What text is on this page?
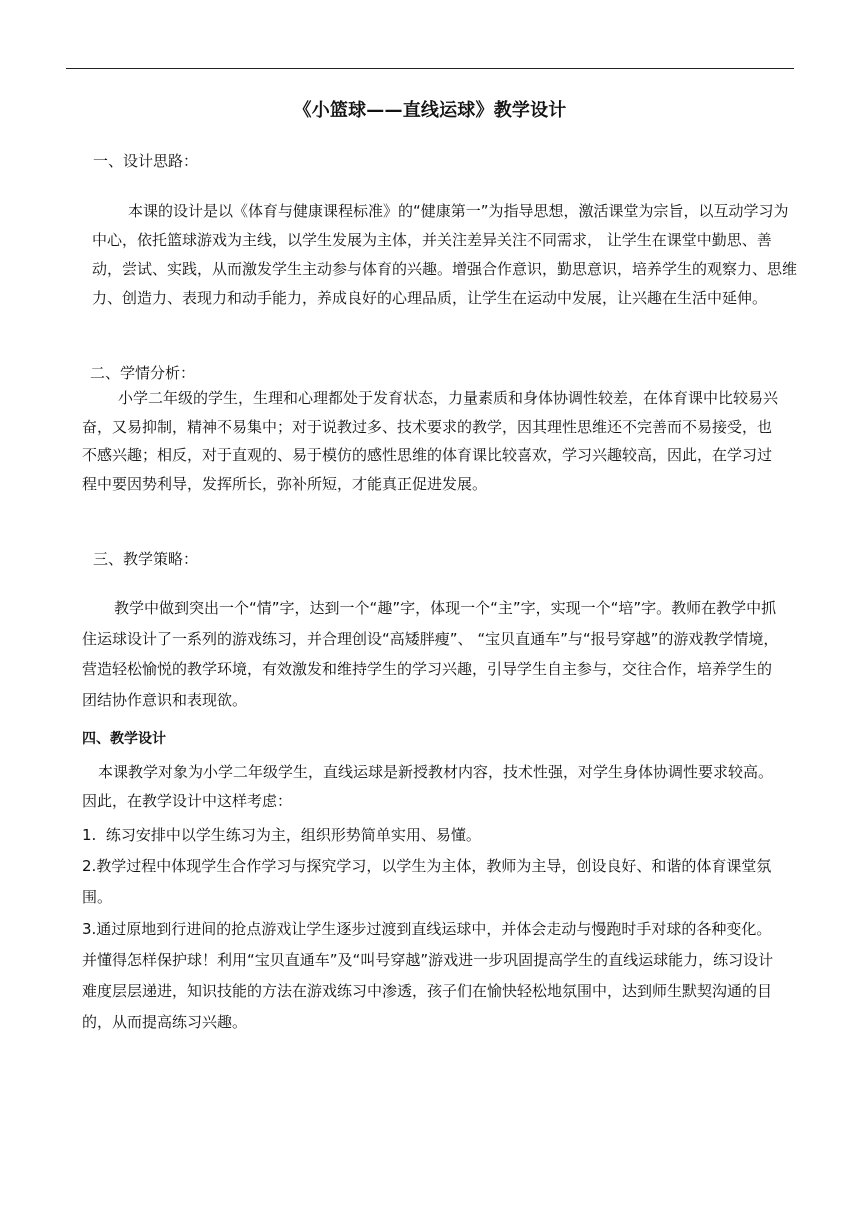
《小篮球——直线运球》教学设计
一、设计思路：
本课的设计是以《体育与健康课程标准》的“健康第一”为指导思想，激活课堂为宗旨，以互动学习为中心，依托篮球游戏为主线，以学生发展为主体，并关注差异关注不同需求， 让学生在课堂中勤思、善动，尝试、实践，从而激发学生主动参与体育的兴趣。增强合作意识，勤思意识，培养学生的观察力、思维力、创造力、表现力和动手能力，养成良好的心理品质，让学生在运动中发展，让兴趣在生活中延伸。
二、学情分析：
小学二年级的学生，生理和心理都处于发育状态，力量素质和身体协调性较差，在体育课中比较易兴奋，又易抑制，精神不易集中；对于说教过多、技术要求的教学，因其理性思维还不完善而不易接受，也不感兴趣；相反，对于直观的、易于模仿的感性思维的体育课比较喜欢，学习兴趣较高，因此，在学习过程中要因势利导，发挥所长，弥补所短，才能真正促进发展。
三、教学策略：
教学中做到突出一个“情”字，达到一个“趣”字，体现一个“主”字，实现一个“培”字。教师在教学中抓住运球设计了一系列的游戏练习，并合理创设“高矮胖瘦”、 “宝贝直通车”与“报号穿越”的游戏教学情境，营造轻松愉悦的教学环境，有效激发和维持学生的学习兴趣，引导学生自主参与，交往合作，培养学生的团结协作意识和表现欲。
四、教学设计
本课教学对象为小学二年级学生，直线运球是新授教材内容，技术性强，对学生身体协调性要求较高。因此，在教学设计中这样考虑：
1.  练习安排中以学生练习为主，组织形势简单实用、易懂。
2.教学过程中体现学生合作学习与探究学习，以学生为主体，教师为主导，创设良好、和谐的体育课堂氛围。
3.通过原地到行进间的抢点游戏让学生逐步过渡到直线运球中，并体会走动与慢跑时手对球的各种变化。并懂得怎样保护球！利用“宝贝直通车”及“叫号穿越”游戏进一步巩固提高学生的直线运球能力，练习设计难度层层递进，知识技能的方法在游戏练习中渗透，孩子们在愉快轻松地氛围中，达到师生默契沟通的目的，从而提高练习兴趣。
